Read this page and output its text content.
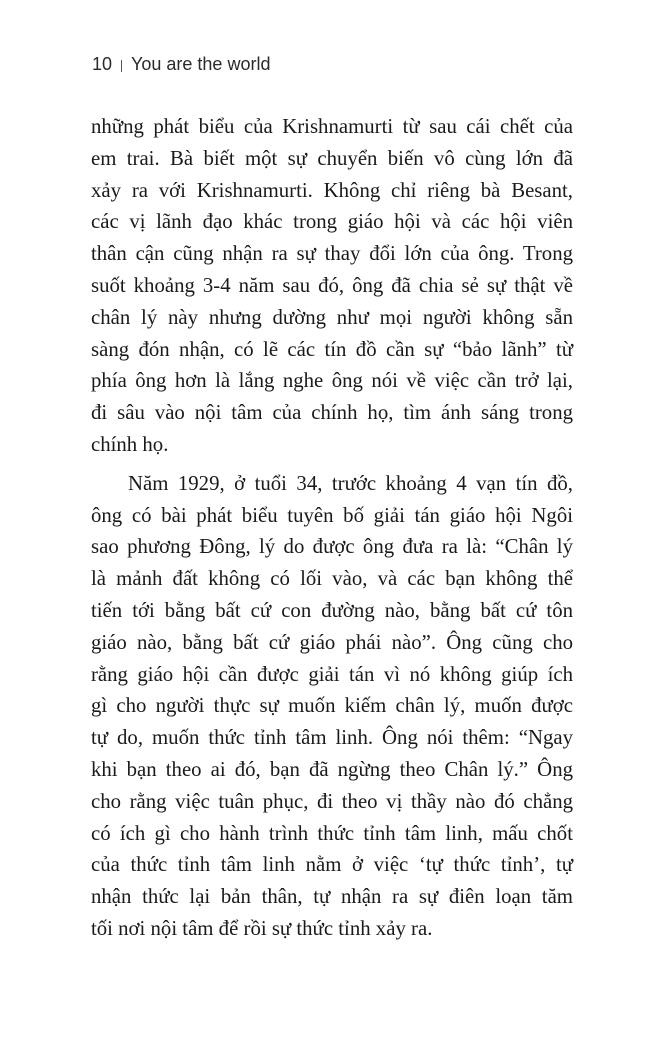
10 You are the world
những phát biểu của Krishnamurti từ sau cái chết của
em trai. Bà biết một sự chuyển biến vô cùng lớn đã
xảy ra với Krishnamurti. Không chỉ riêng bà Besant,
các vị lãnh đạo khác trong giáo hội và các hội viên
thân cận cũng nhận ra sự thay đổi lớn của ông. Trong
suốt khoảng 3-4 năm sau đó, ông đã chia sẻ sự thật về
chân lý này nhưng dường như mọi người không sẵn
sàng đón nhận, có lẽ các tín đồ cần sự “bảo lãnh” từ
phía ông hơn là lắng nghe ông nói về việc cần trở lại,
đi sâu vào nội tâm của chính họ, tìm ánh sáng trong
chính họ.
Năm 1929, ở tuổi 34, trước khoảng 4 vạn tín đồ,
ông có bài phát biểu tuyên bố giải tán giáo hội Ngôi
sao phương Đông, lý do được ông đưa ra là: “Chân lý
là mảnh đất không có lối vào, và các bạn không thể
tiến tới bằng bất cứ con đường nào, bằng bất cứ tôn
giáo nào, bằng bất cứ giáo phái nào”. Ông cũng cho
rằng giáo hội cần được giải tán vì nó không giúp ích
gì cho người thực sự muốn kiếm chân lý, muốn được
tự do, muốn thức tỉnh tâm linh. Ông nói thêm: “Ngay
khi bạn theo ai đó, bạn đã ngừng theo Chân lý.” Ông
cho rằng việc tuân phục, đi theo vị thầy nào đó chẳng
có ích gì cho hành trình thức tỉnh tâm linh, mấu chốt
của thức tỉnh tâm linh nằm ở việc ‘tự thức tỉnh’, tự
nhận thức lại bản thân, tự nhận ra sự điên loạn tăm
tối nơi nội tâm để rồi sự thức tỉnh xảy ra.
